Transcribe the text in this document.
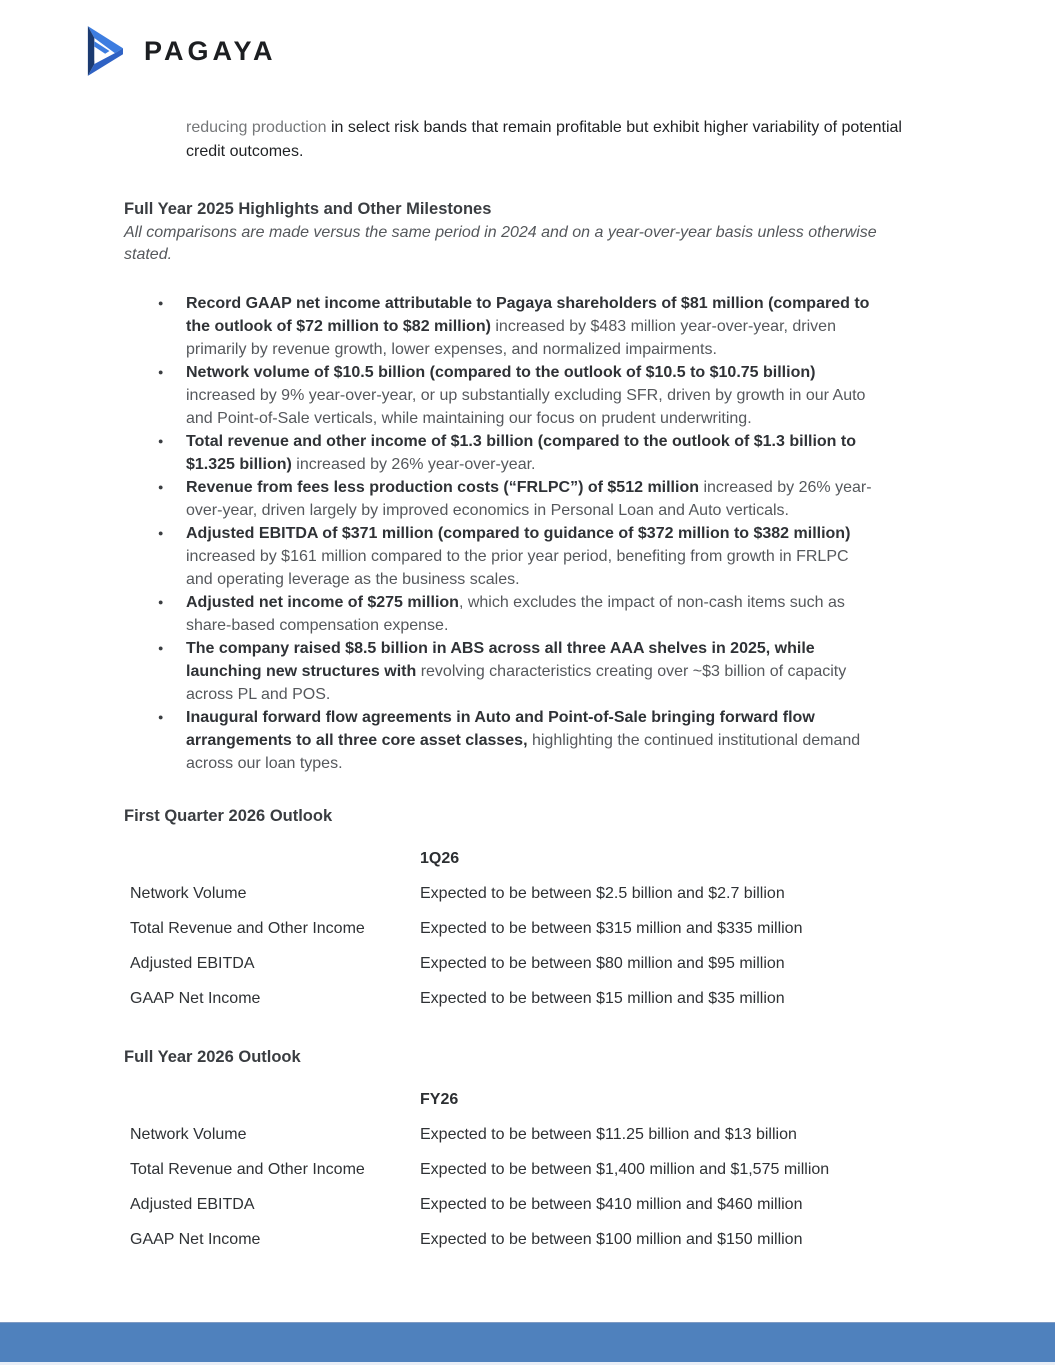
PAGAYA

reducing production in select risk bands that remain profitable but exhibit higher variability of potential credit outcomes.

Full Year 2025 Highlights and Other Milestones

All comparisons are made versus the same period in 2024 and on a year-over-year basis unless otherwise stated.

● Record GAAP net income attributable to Pagaya shareholders of $81 million (compared to the outlook of $72 million to $82 million) increased by $483 million year-over-year, driven primarily by revenue growth, lower expenses, and normalized impairments.
● Network volume of $10.5 billion (compared to the outlook of $10.5 to $10.75 billion) increased by 9% year-over-year, or up substantially excluding SFR, driven by growth in our Auto and Point-of-Sale verticals, while maintaining our focus on prudent underwriting.
● Total revenue and other income of $1.3 billion (compared to the outlook of $1.3 billion to $1.325 billion) increased by 26% year-over-year.
● Revenue from fees less production costs (“FRLPC”) of $512 million increased by 26% year-over-year, driven largely by improved economics in Personal Loan and Auto verticals.
● Adjusted EBITDA of $371 million (compared to guidance of $372 million to $382 million) increased by $161 million compared to the prior year period, benefiting from growth in FRLPC and operating leverage as the business scales.
● Adjusted net income of $275 million, which excludes the impact of non-cash items such as share-based compensation expense.
● The company raised $8.5 billion in ABS across all three AAA shelves in 2025, while launching new structures with revolving characteristics creating over ~$3 billion of capacity across PL and POS.
● Inaugural forward flow agreements in Auto and Point-of-Sale bringing forward flow arrangements to all three core asset classes, highlighting the continued institutional demand across our loan types.
First Quarter 2026 Outlook
1Q26
Network Volume	Expected to be between $2.5 billion and $2.7 billion
Total Revenue and Other Income	Expected to be between $315 million and $335 million
Adjusted EBITDA	Expected to be between $80 million and $95 million
GAAP Net Income	Expected to be between $15 million and $35 million
Full Year 2026 Outlook
FY26
Network Volume	Expected to be between $11.25 billion and $13 billion
Total Revenue and Other Income	Expected to be between $1,400 million and $1,575 million
Adjusted EBITDA	Expected to be between $410 million and $460 million
GAAP Net Income	Expected to be between $100 million and $150 million
